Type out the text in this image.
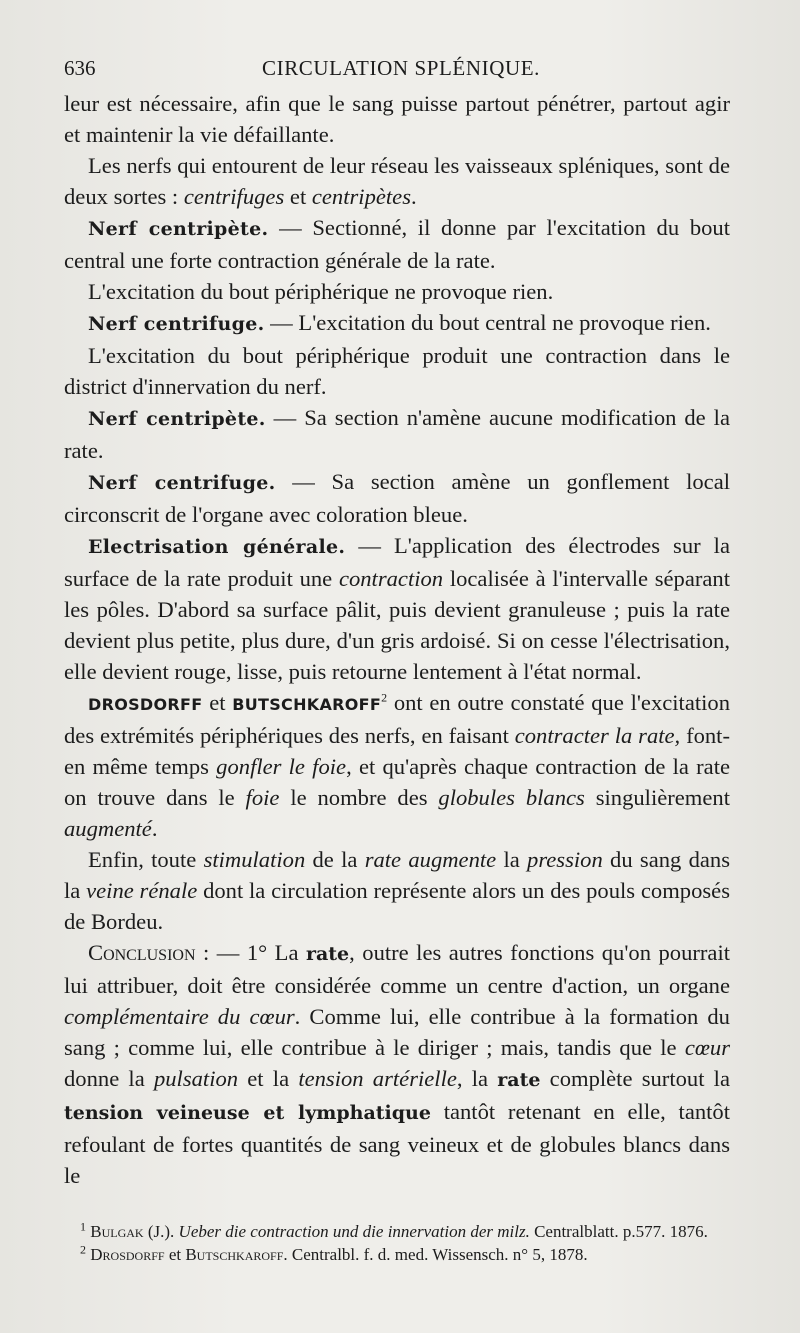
636	CIRCULATION SPLÉNIQUE.

leur est nécessaire, afin que le sang puisse partout pénétrer, partout agir et maintenir la vie défaillante.

Les nerfs qui entourent de leur réseau les vaisseaux spléniques, sont de deux sortes : centrifuges et centripètes.

Nerf centripète. — Sectionné, il donne par l'excitation du bout central une forte contraction générale de la rate.

L'excitation du bout périphérique ne provoque rien.

Nerf centrifuge. — L'excitation du bout central ne provoque rien.

L'excitation du bout périphérique produit une contraction dans le district d'innervation du nerf.

Nerf centripète. — Sa section n'amène aucune modification de la rate.

Nerf centrifuge. — Sa section amène un gonflement local circonscrit de l'organe avec coloration bleue.

Electrisation générale. — L'application des électrodes sur la surface de la rate produit une contraction localisée à l'intervalle séparant les pôles. D'abord sa surface pâlit, puis devient granuleuse ; puis la rate devient plus petite, plus dure, d'un gris ardoisé. Si on cesse l'électrisation, elle devient rouge, lisse, puis retourne lentement à l'état normal.

DROSDORFF et BUTSCHKAROFF$^2$ ont en outre constaté que l'excitation des extrémités périphériques des nerfs, en faisant contracter la rate, font-en même temps gonfler le foie, et qu'après chaque contraction de la rate on trouve dans le foie le nombre des globules blancs singulièrement augmenté.

Enfin, toute stimulation de la rate augmente la pression du sang dans la veine rénale dont la circulation représente alors un des pouls composés de Bordeu.

Conclusion : — 1° La rate, outre les autres fonctions qu'on pourrait lui attribuer, doit être considérée comme un centre d'action, un organe complémentaire du cœur. Comme lui, elle contribue à la formation du sang ; comme lui, elle contribue à le diriger ; mais, tandis que le cœur donne la pulsation et la tension artérielle, la rate complète surtout la tension veineuse et lymphatique tantôt retenant en elle, tantôt refoulant de fortes quantités de sang veineux et de globules blancs dans le

$^1$ Bulgak (J.). Ueber die contraction und die innervation der milz. Centralblatt. p.577. 1876.

$^2$ Drosdorff et Butschkaroff. Centralbl. f. d. med. Wissensch. n° 5, 1878.
